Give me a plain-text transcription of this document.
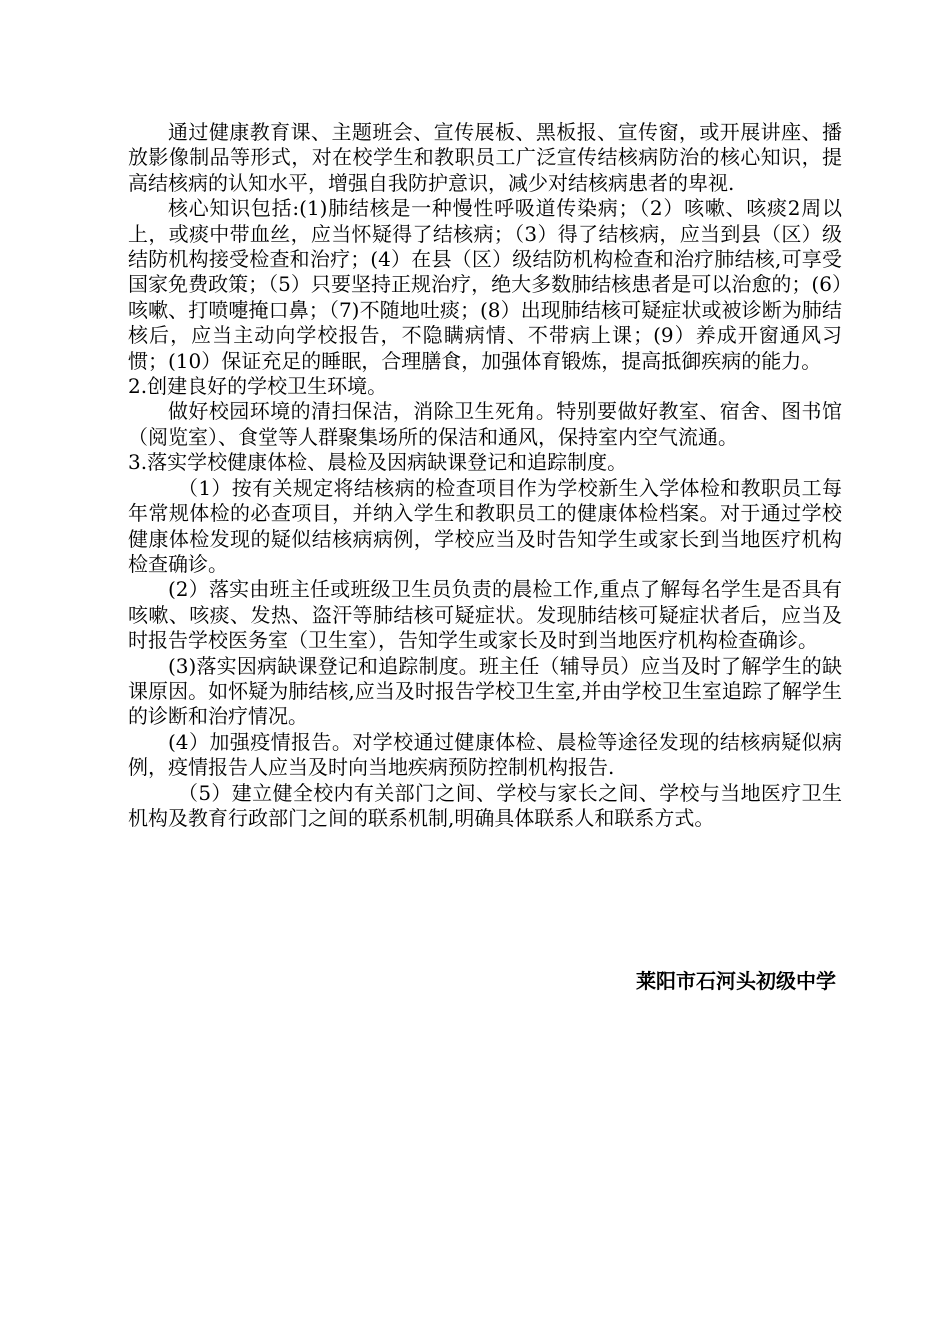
通过健康教育课、主题班会、宣传展板、黑板报、宣传窗，或开展讲座、播放影像制品等形式，对在校学生和教职员工广泛宣传结核病防治的核心知识，提高结核病的认知水平，增强自我防护意识，减少对结核病患者的卑视.

核心知识包括:(1)肺结核是一种慢性呼吸道传染病；（2）咳嗽、咳痰2周以上，或痰中带血丝，应当怀疑得了结核病；（3）得了结核病，应当到县（区）级结防机构接受检查和治疗；(4）在县（区）级结防机构检查和治疗肺结核,可享受国家免费政策；（5）只要坚持正规治疗，绝大多数肺结核患者是可以治愈的；(6）咳嗽、打喷嚏掩口鼻；（7)不随地吐痰；(8）出现肺结核可疑症状或被诊断为肺结核后，应当主动向学校报告，不隐瞒病情、不带病上课；(9）养成开窗通风习惯；(10）保证充足的睡眠，合理膳食，加强体育锻炼，提高抵御疾病的能力。

2.创建良好的学校卫生环境。

做好校园环境的清扫保洁，消除卫生死角。特别要做好教室、宿舍、图书馆（阅览室）、食堂等人群聚集场所的保洁和通风，保持室内空气流通。

3.落实学校健康体检、晨检及因病缺课登记和追踪制度。

（1）按有关规定将结核病的检查项目作为学校新生入学体检和教职员工每年常规体检的必查项目，并纳入学生和教职员工的健康体检档案。对于通过学校健康体检发现的疑似结核病病例，学校应当及时告知学生或家长到当地医疗机构检查确诊。

(2）落实由班主任或班级卫生员负责的晨检工作,重点了解每名学生是否具有咳嗽、咳痰、发热、盗汗等肺结核可疑症状。发现肺结核可疑症状者后，应当及时报告学校医务室（卫生室），告知学生或家长及时到当地医疗机构检查确诊。

(3)落实因病缺课登记和追踪制度。班主任（辅导员）应当及时了解学生的缺课原因。如怀疑为肺结核,应当及时报告学校卫生室,并由学校卫生室追踪了解学生的诊断和治疗情况。

(4）加强疫情报告。对学校通过健康体检、晨检等途径发现的结核病疑似病例，疫情报告人应当及时向当地疾病预防控制机构报告.

（5）建立健全校内有关部门之间、学校与家长之间、学校与当地医疗卫生机构及教育行政部门之间的联系机制,明确具体联系人和联系方式。

莱阳市石河头初级中学
